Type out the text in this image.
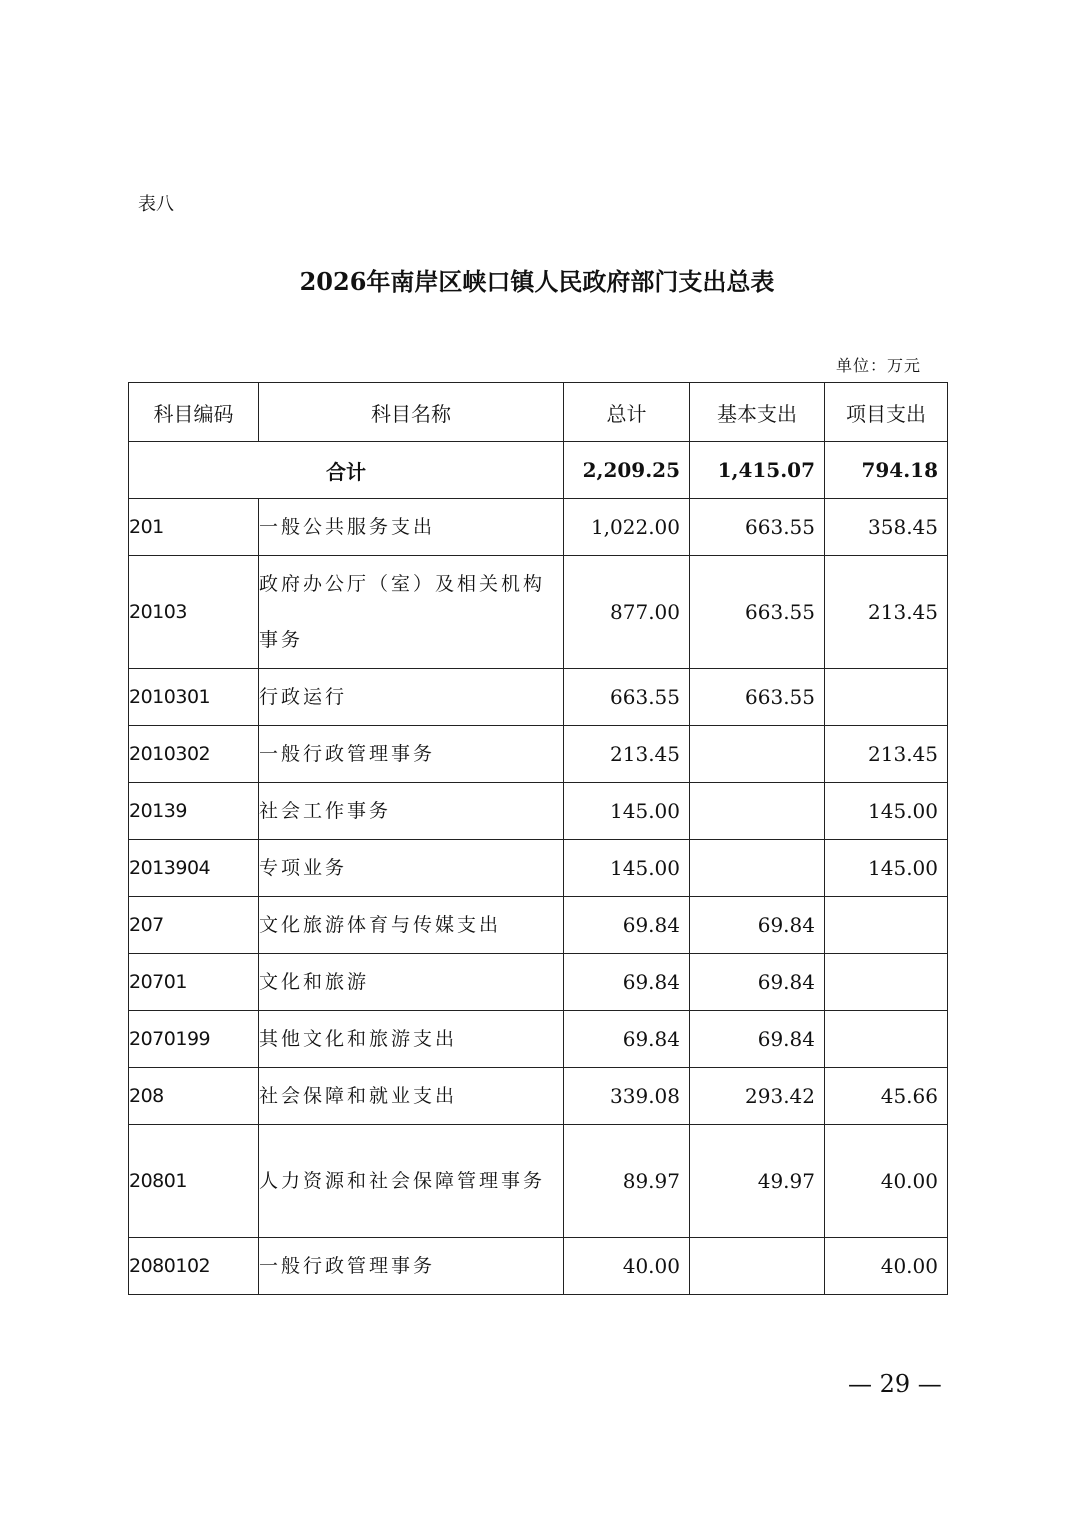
表八
2026年南岸区峡口镇人民政府部门支出总表
单位：万元
科目编码	科目名称	总计	基本支出	项目支出
合计		2,209.25	1,415.07	794.18
201	一般公共服务支出	1,022.00	663.55	358.45
20103	政府办公厅（室）及相关机构事务	877.00	663.55	213.45
2010301	行政运行	663.55	663.55	
2010302	一般行政管理事务	213.45		213.45
20139	社会工作事务	145.00		145.00
2013904	专项业务	145.00		145.00
207	文化旅游体育与传媒支出	69.84	69.84	
20701	文化和旅游	69.84	69.84	
2070199	其他文化和旅游支出	69.84	69.84	
208	社会保障和就业支出	339.08	293.42	45.66
20801	人力资源和社会保障管理事务	89.97	49.97	40.00
2080102	一般行政管理事务	40.00		40.00
— 29 —
